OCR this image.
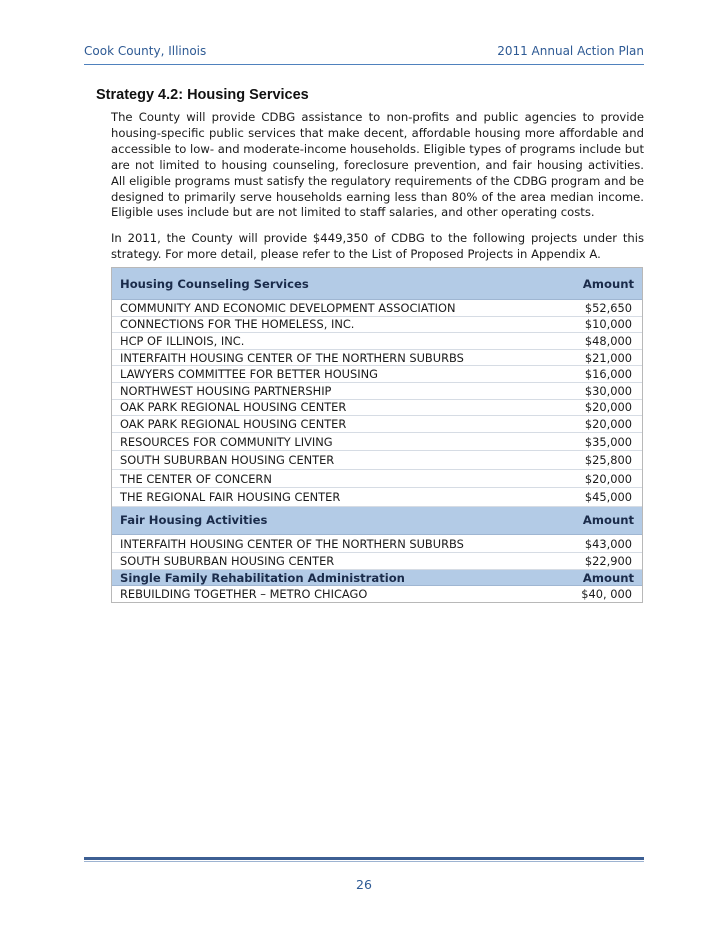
Cook County, Illinois	2011 Annual Action Plan
Strategy 4.2: Housing Services

The County will provide CDBG assistance to non-profits and public agencies to provide housing-specific public services that make decent, affordable housing more affordable and accessible to low- and moderate-income households. Eligible types of programs include but are not limited to housing counseling, foreclosure prevention, and fair housing activities. All eligible programs must satisfy the regulatory requirements of the CDBG program and be designed to primarily serve households earning less than 80% of the area median income. Eligible uses include but are not limited to staff salaries, and other operating costs.

In 2011, the County will provide $449,350 of CDBG to the following projects under this strategy. For more detail, please refer to the List of Proposed Projects in Appendix A.

Housing Counseling Services	Amount
COMMUNITY AND ECONOMIC DEVELOPMENT ASSOCIATION	$52,650
CONNECTIONS FOR THE HOMELESS, INC.	$10,000
HCP OF ILLINOIS, INC.	$48,000
INTERFAITH HOUSING CENTER OF THE NORTHERN SUBURBS	$21,000
LAWYERS COMMITTEE FOR BETTER HOUSING	$16,000
NORTHWEST HOUSING PARTNERSHIP	$30,000
OAK PARK REGIONAL HOUSING CENTER	$20,000
OAK PARK REGIONAL HOUSING CENTER	$20,000
RESOURCES FOR COMMUNITY LIVING	$35,000
SOUTH SUBURBAN HOUSING CENTER	$25,800
THE CENTER OF CONCERN	$20,000
THE REGIONAL FAIR HOUSING CENTER	$45,000
Fair Housing Activities	Amount
INTERFAITH HOUSING CENTER OF THE NORTHERN SUBURBS	$43,000
SOUTH SUBURBAN HOUSING CENTER	$22,900
Single Family Rehabilitation Administration	Amount
REBUILDING TOGETHER – METRO CHICAGO	$40, 000
26
